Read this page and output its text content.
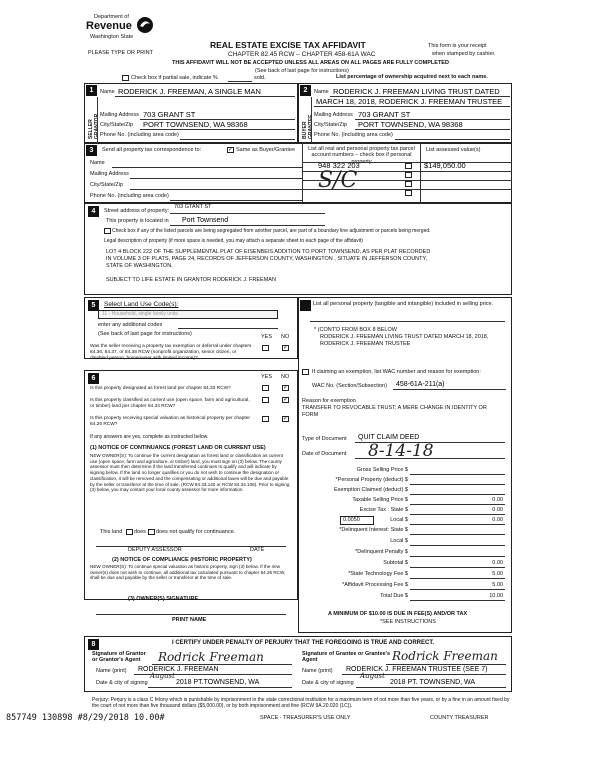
Department of
Revenue
Washington State
PLEASE TYPE OR PRINT
REAL ESTATE EXCISE TAX AFFIDAVIT
CHAPTER 82.45 RCW – CHAPTER 458-61A WAC
THIS AFFIDAVIT WILL NOT BE ACCEPTED UNLESS ALL AREAS ON ALL PAGES ARE FULLY COMPLETED
(See back of last page for instructions)
This form is your receipt
when stamped by cashier.
Check box if partial sale, indicate %	sold.	List percentage of ownership acquired next to each name.
1	2
SELLER GRANTOR	BUYER GRANTEE
Name RODERICK J. FREEMAN, A SINGLE MAN
Mailing Address 703 GRANT ST
City/State/Zip PORT TOWNSEND, WA 98368
Phone No. (including area code)
Name RODERICK J. FREEMAN LIVING TRUST DATED
MARCH 18, 2018, RODERICK J. FREEMAN TRUSTEE
Mailing Address 703 GRANT ST
City/State/Zip PORT TOWNSEND, WA 98368
Phone No. (including area code)
3	Send all property tax correspondence to:	✓ Same as Buyer/Grantee
Name
Mailing Address
City/State/Zip
Phone No. (including area code)
List all real and personal property tax parcel account numbers – check box if personal property
List assessed value(s)
948 322 203	$149,050.00
S/C
4	Street address of property:
703 GTANT ST
This property is located in Port Townsend
Check box if any of the listed parcels are being segregated from another parcel, are part of a boundary line adjustment or parcels being merged.
Legal description of property (if more space is needed, you may attach a separate sheet to each page of the affidavit)
LOT 4 BLOCK 222 OF THE SUPPLEMENTAL PLAT OF EISENBEIS ADDITION TO PORT TOWNSEND, AS PER PLAT RECORDED
IN VOLUME 3 OF PLATS, PAGE 24, RECORDS OF JEFFERSON COUNTY, WASHINGTON , SITUATE IN JEFFERSON COUNTY,
STATE OF WASHINGTON.
SUBJECT TO LIFE ESTATE IN GRANTOR RODERICK J. FREEMAN
5	Select Land Use Code(s):
11 - Household, single family units
enter any additional codes
(See back of last page for instructions)	YES NO
Was the seller receiving a property tax exemption or deferral under chapters 84.36, 84.37, or 84.38 RCW (nonprofit organization, senior citizen, or disabled person, homeowner with limited income)?
✓
6	YES NO
Is this property designated as forest land per chapter 84.33 RCW?	✓
Is this property classified as current use (open space, farm and agricultural, or timber) land per chapter 84.34 RCW?
✓
Is this property receiving special valuation as historical property per chapter 84.26 RCW?
✓
If any answers are yes, complete as instructed below.
(1) NOTICE OF CONTINUANCE (FOREST LAND OR CURRENT USE)
NEW OWNER(S): To continue the current designation as forest land or classification as current use (open space, farm and agriculture, or timber) land, you must sign on (3) below. The county assessor must then determine if the land transferred continues to qualify and will indicate by signing below. If the land no longer qualifies or you do not wish to continue the designation or classification, it will be removed and the compensating or additional taxes will be due and payable by the seller or transferor at the time of sale. (RCW 84.33.140 or RCW 84.34.108). Prior to signing (3) below, you may contact your local county assessor for more information.
This land does does not qualify for continuance.
DEPUTY ASSESSOR	DATE
(2) NOTICE OF COMPLIANCE (HISTORIC PROPERTY)
NEW OWNER(S): To continue special valuation as historic property, sign (3) below. If the new owner(s) does not wish to continue, all additional tax calculated pursuant to chapter 84.26 RCW, shall be due and payable by the seller or transferor at the time of sale.
(3) OWNER(S) SIGNATURE
PRINT NAME
List all personal property (tangible and intangible) included in selling price.
* (CONT'D FROM BOX 8 BELOW
RODERICK J. FREEMAN LIVING TRUST DATED MARCH 18, 2018,
RODERICK J. FREEMAN TRUSTEE
If claiming an exemption, list WAC number and reason for exemption:
WAC No. (Section/Subsection) 458-61A-211(a)
Reason for exemption
TRANSFER TO REVOCABLE TRUST; A MERE CHANGE IN IDENTITY OR
FORM
Type of Document QUIT CLAIM DEED
Date of Document 8-14-18
Gross Selling Price $
*Personal Property (deduct) $
Exemption Claimed (deduct) $
Taxable Selling Price $	0.00
Excise Tax : State $	0.00
0.0050	Local $	0.00
*Delinquent Interest: State $
Local $
*Delinquent Penalty $
Subtotal $	0.00
*State Technology Fee $	5.00
*Affidavit Processing Fee $	5.00
Total Due $	10.00
A MINIMUM OF $10.00 IS DUE IN FEE(S) AND/OR TAX
*SEE INSTRUCTIONS
8	I CERTIFY UNDER PENALTY OF PERJURY THAT THE FOREGOING IS TRUE AND CORRECT.
Signature of Grantor or Grantor's Agent	Rodrick Freeman	Signature of Grantee or Grantee's Agent	Rodrick Freeman
Name (print) RODERICK J. FREEMAN	Name (print) RODERICK J. FREEMAN TRUSTEE (SEE 7)
Date & city of signing
August
2018 PT.TOWNSEND, WA	Date & city of signing
August
2018 PT. TOWNSEND, WA
Perjury: Perjury is a class C felony which is punishable by imprisonment in the state correctional institution for a maximum term of not more than five years, or by a fine in an amount fixed by the court of not more than five thousand dollars ($5,000.00), or by both imprisonment and fine (RCW 9A.20.020 (1C)).
857749 130898 #8/29/2018 10.00#	SPACE - TREASURER'S USE ONLY	COUNTY TREASURER
